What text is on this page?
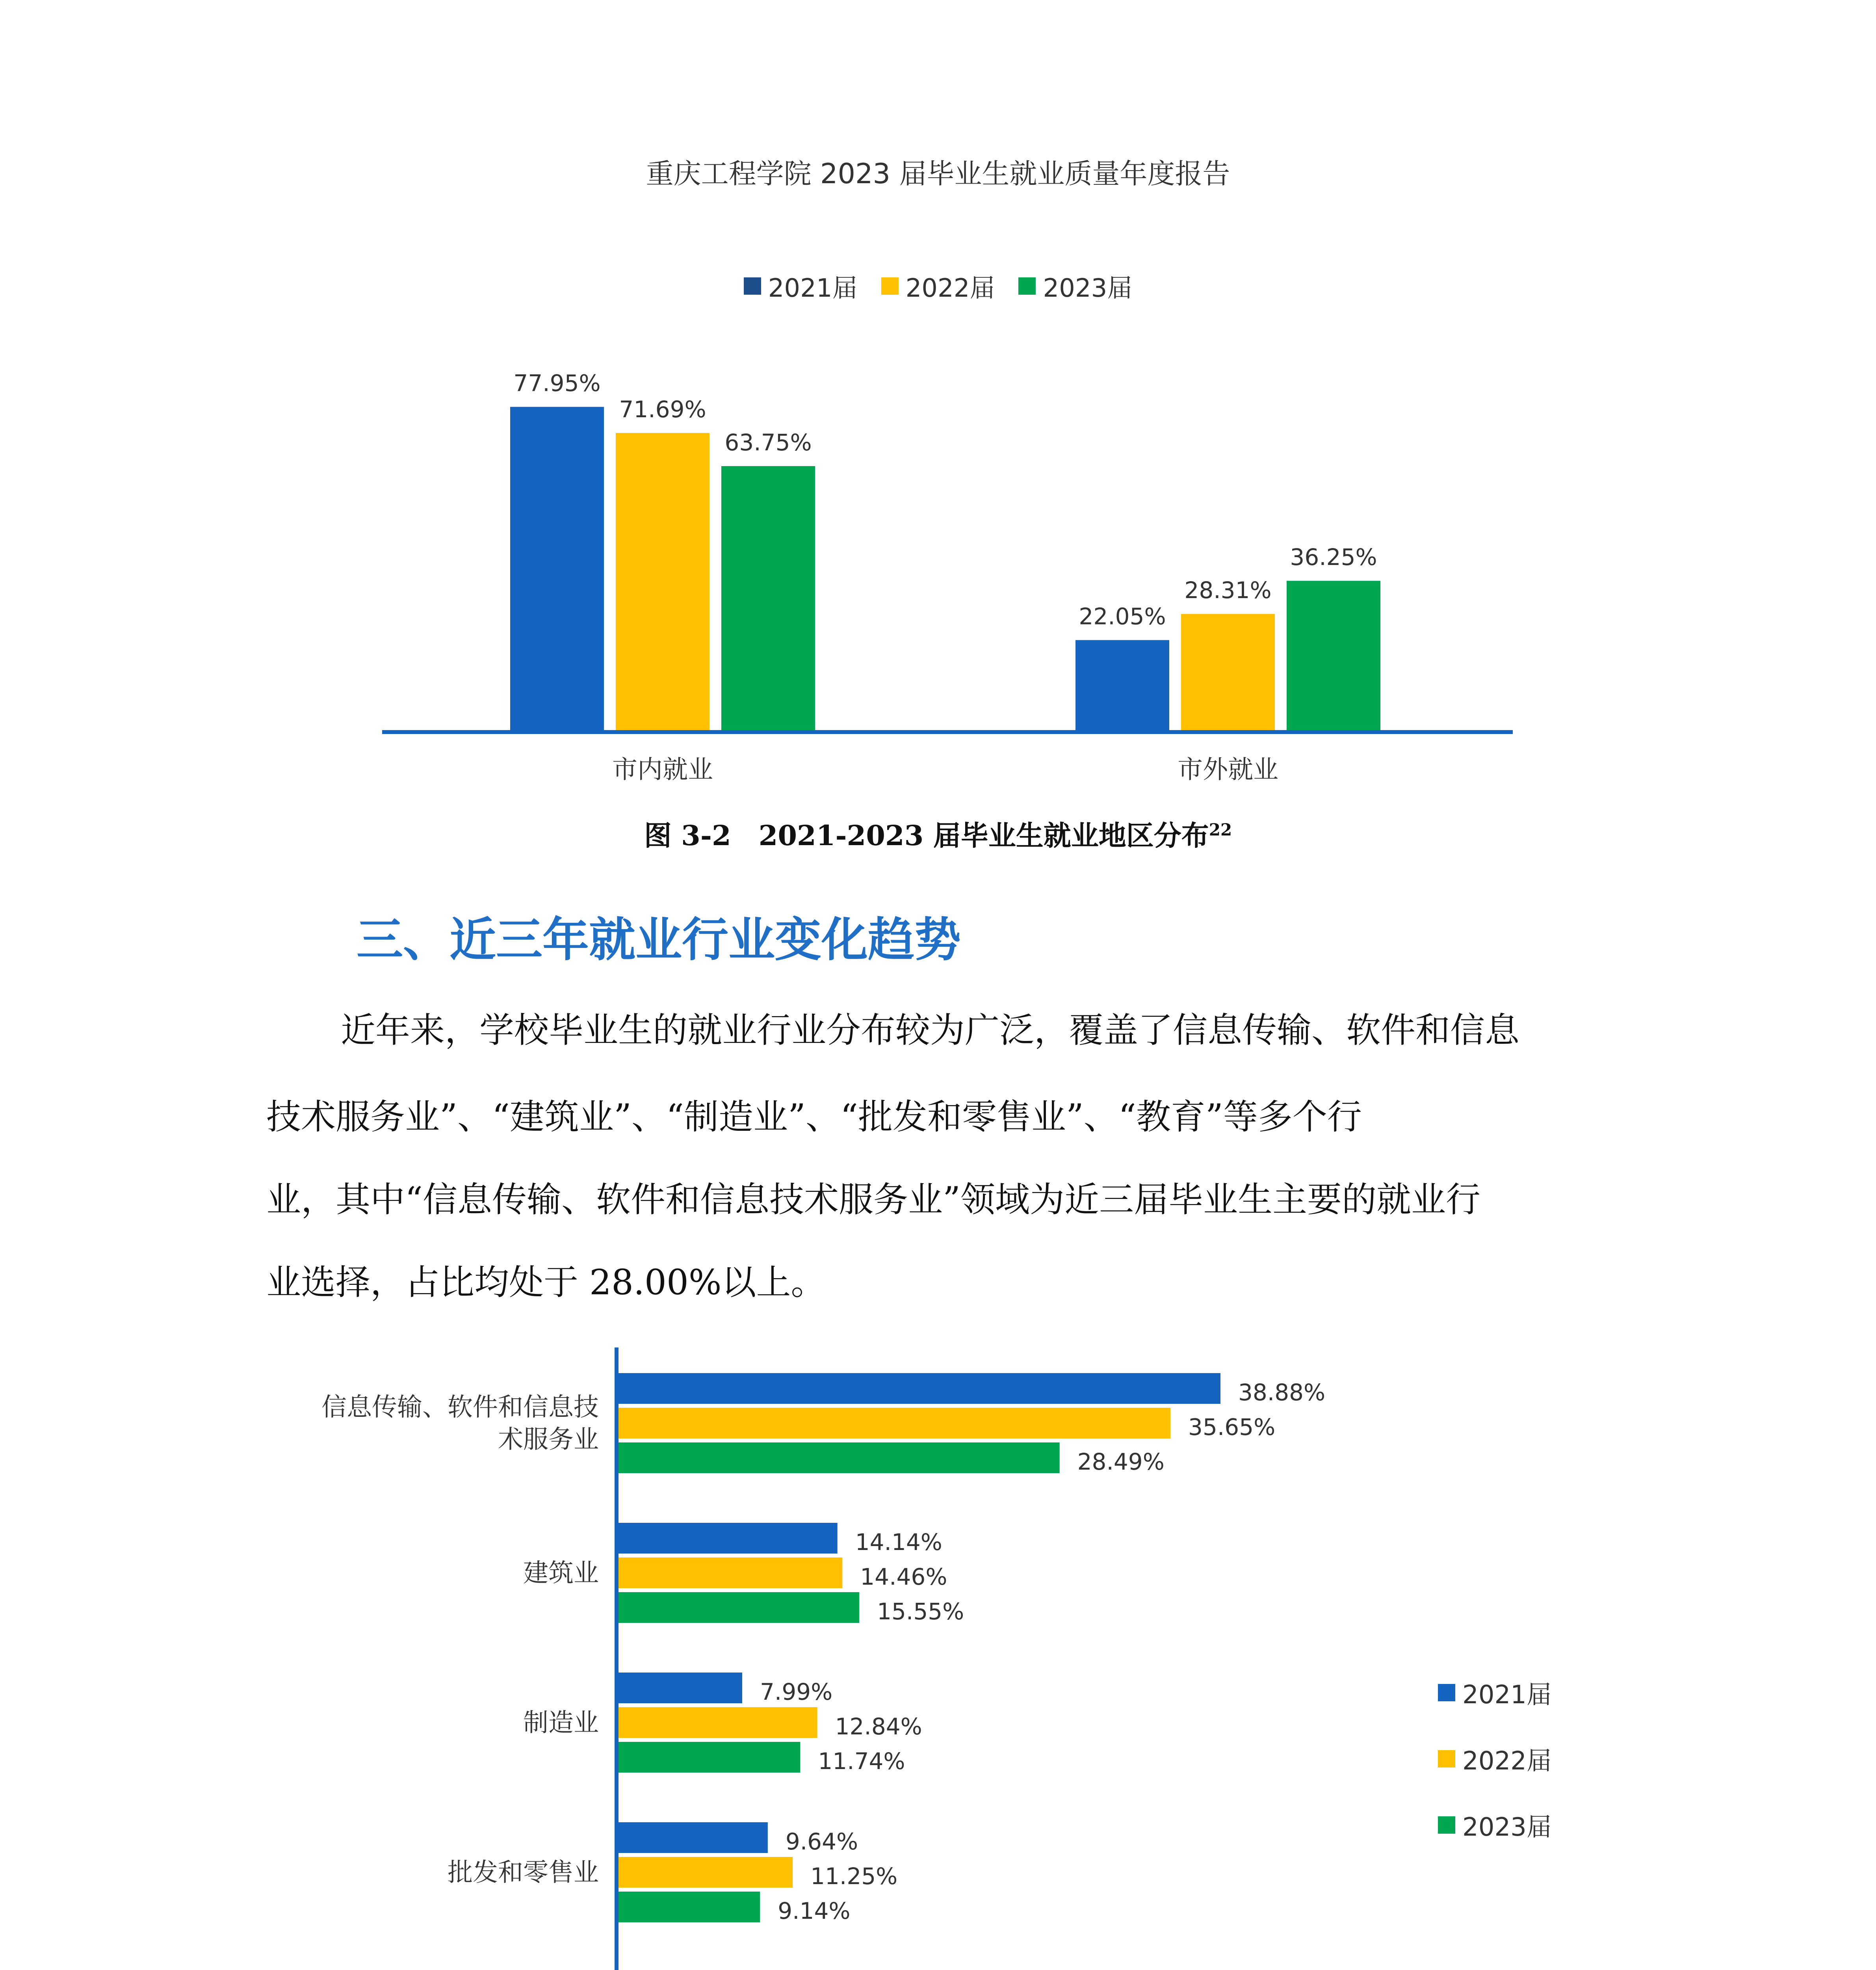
重庆工程学院 2023 届毕业生就业质量年度报告
2021届 2022届 2023届
77.95%
71.69%
63.75%
22.05%
28.31%
36.25%
市内就业	市外就业
图 3-2　2021-2023 届毕业生就业地区分布$^{22}$
三、近三年就业行业变化趋势
近年来，学校毕业生的就业行业分布较为广泛，覆盖了信息传输、软件和信息
技术服务业”、“建筑业”、“制造业”、“批发和零售业”、“教育”等多个行
业，其中“信息传输、软件和信息技术服务业”领域为近三届毕业生主要的就业行
业选择，占比均处于 28.00%以上。
38.88%
35.65%
28.49%
14.14%
14.46%
15.55%
7.99%
12.84%
11.74%
9.64%
11.25%
9.14%
信息传输、软件和信息技
术服务业
建筑业
制造业
批发和零售业
2021届
2022届
2023届
